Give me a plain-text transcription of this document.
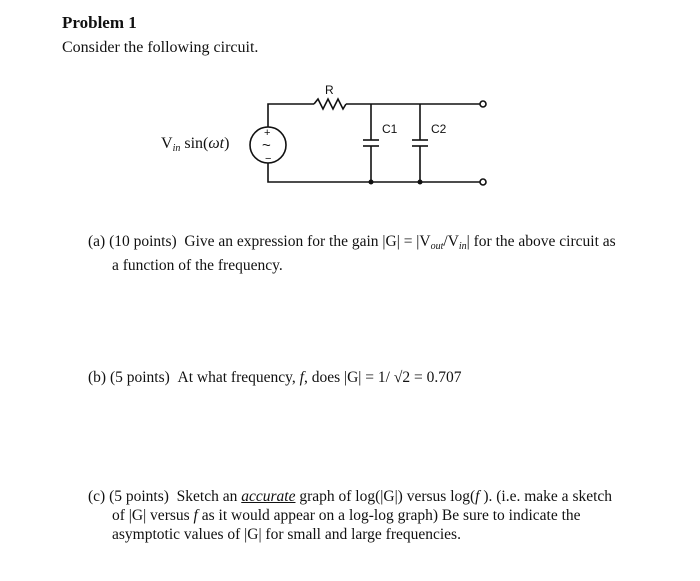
Problem 1
Consider the following circuit.
+
~
−
R
C1	C2
$V_{in}$ sin(ωt)
(a) (10 points) Give an expression for the gain $|G| = |V_{out}/V_{in}|$ for the above circuit as
a function of the frequency.
(b) (5 points) At what frequency, f, does |G| = 1/ √2 = 0.707
(c) (5 points) Sketch an accurate graph of log(|G|) versus log(f ). (i.e. make a sketch
of |G| versus f as it would appear on a log-log graph) Be sure to indicate the
asymptotic values of |G| for small and large frequencies.
